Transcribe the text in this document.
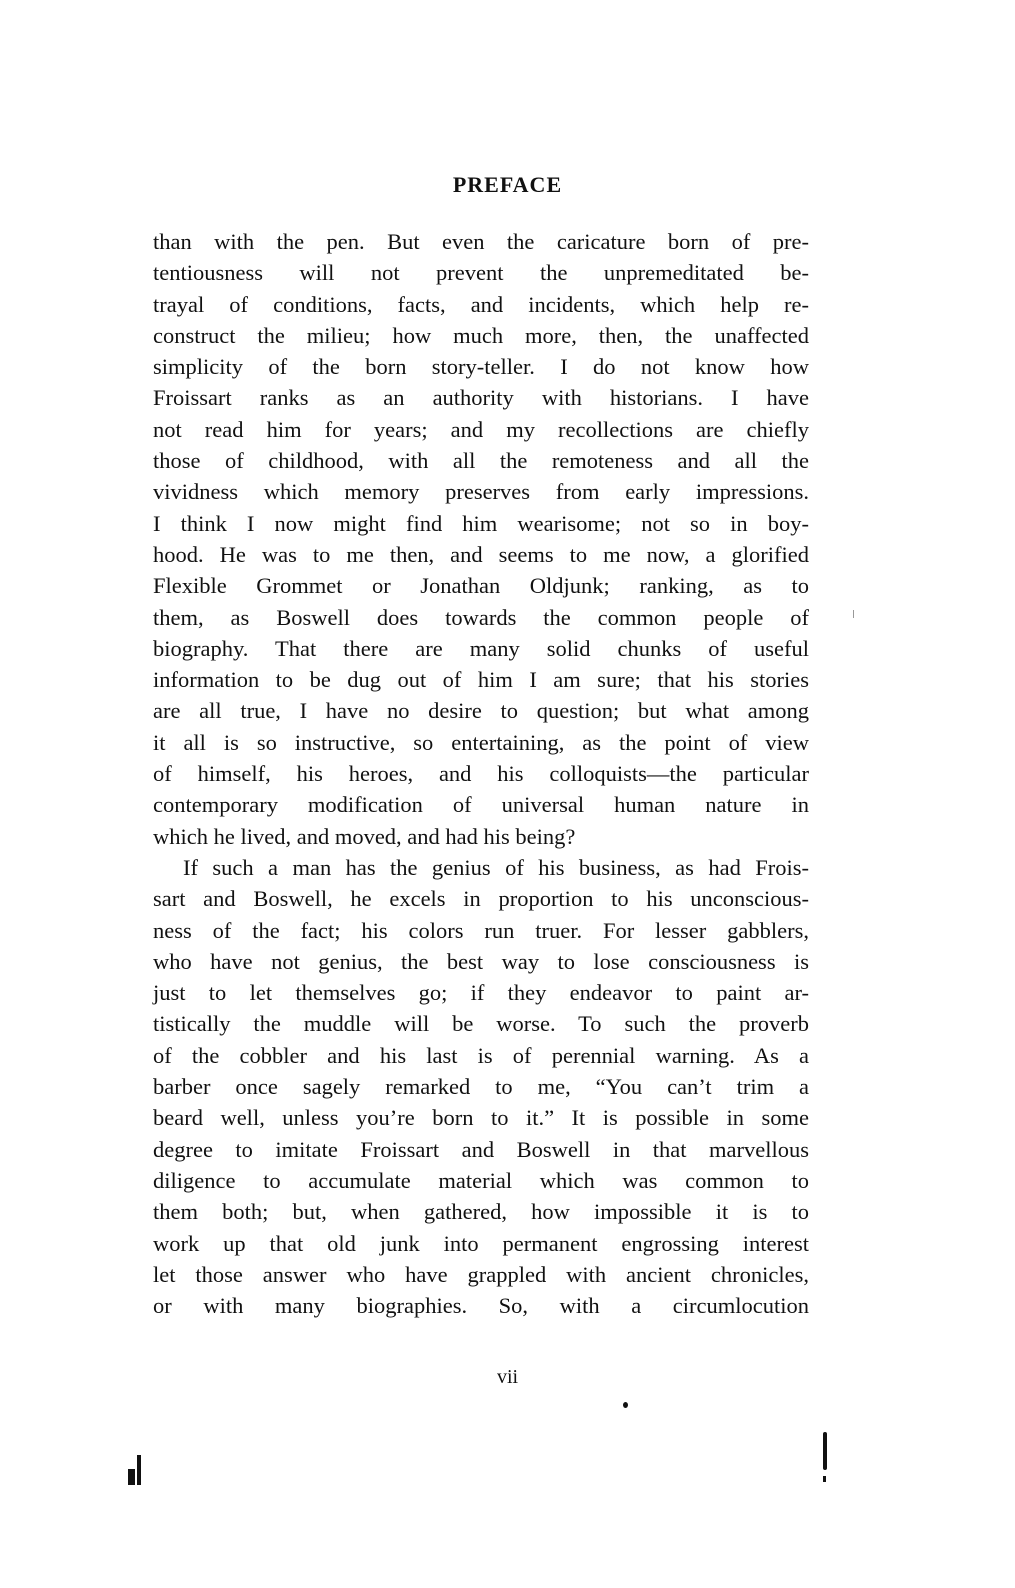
PREFACE
than with the pen. But even the caricature born of pre-
tentiousness will not prevent the unpremeditated be-
trayal of conditions, facts, and incidents, which help re-
construct the milieu; how much more, then, the unaffected
simplicity of the born story-teller. I do not know how
Froissart ranks as an authority with historians. I have
not read him for years; and my recollections are chiefly
those of childhood, with all the remoteness and all the
vividness which memory preserves from early impressions.
I think I now might find him wearisome; not so in boy-
hood. He was to me then, and seems to me now, a glorified
Flexible Grommet or Jonathan Oldjunk; ranking, as to
them, as Boswell does towards the common people of
biography. That there are many solid chunks of useful
information to be dug out of him I am sure; that his stories
are all true, I have no desire to question; but what among
it all is so instructive, so entertaining, as the point of view
of himself, his heroes, and his colloquists—the particular
contemporary modification of universal human nature in
which he lived, and moved, and had his being?
If such a man has the genius of his business, as had Frois-
sart and Boswell, he excels in proportion to his unconscious-
ness of the fact; his colors run truer. For lesser gabblers,
who have not genius, the best way to lose consciousness is
just to let themselves go; if they endeavor to paint ar-
tistically the muddle will be worse. To such the proverb
of the cobbler and his last is of perennial warning. As a
barber once sagely remarked to me, “You can’t trim a
beard well, unless you’re born to it.” It is possible in some
degree to imitate Froissart and Boswell in that marvellous
diligence to accumulate material which was common to
them both; but, when gathered, how impossible it is to
work up that old junk into permanent engrossing interest
let those answer who have grappled with ancient chronicles,
or with many biographies. So, with a circumlocution
vii
